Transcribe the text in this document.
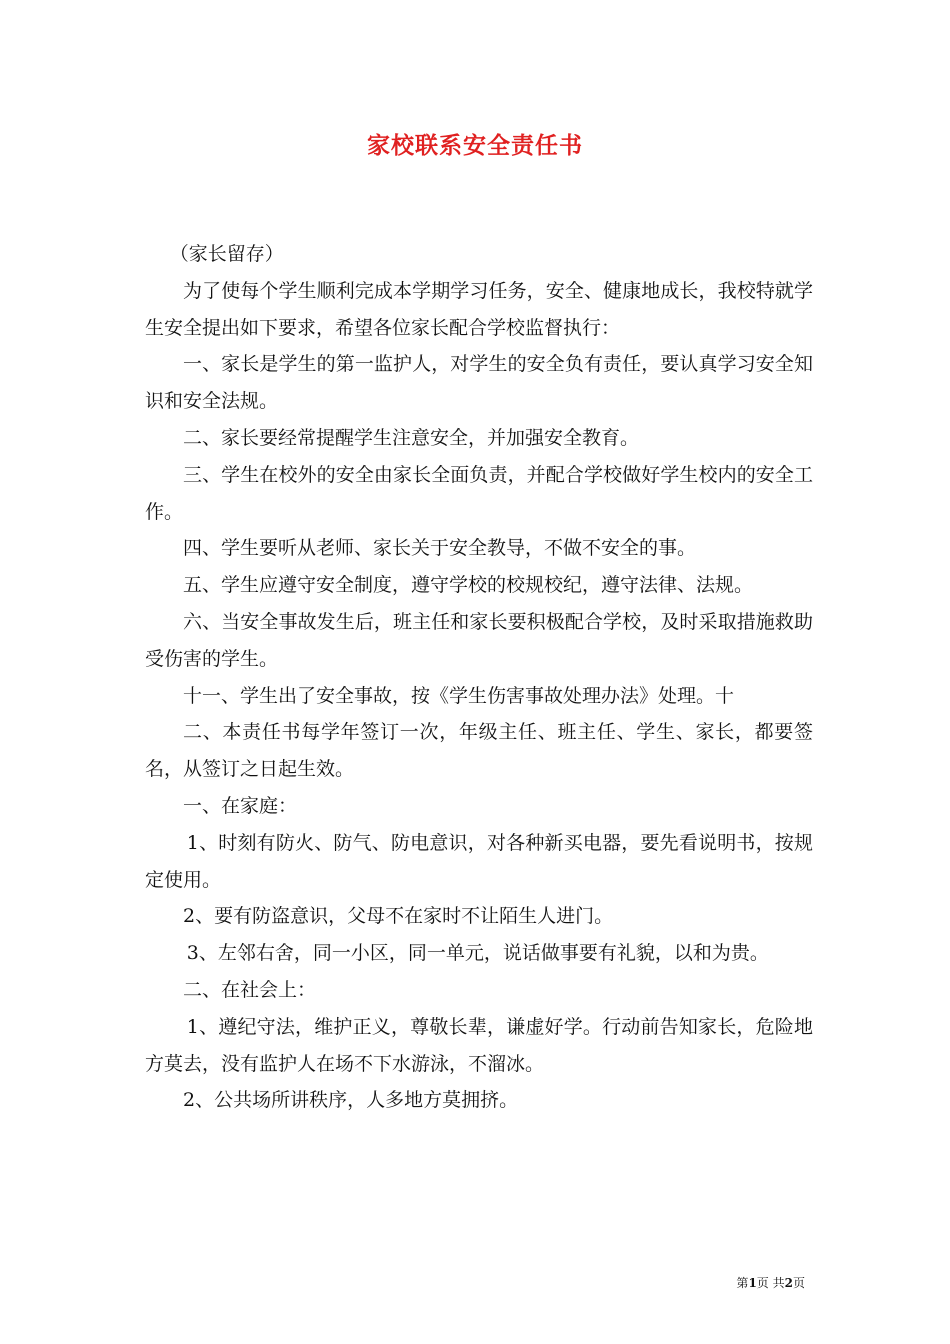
家校联系安全责任书

（家长留存）

为了使每个学生顺利完成本学期学习任务，安全、健康地成长，我校特就学生安全提出如下要求，希望各位家长配合学校监督执行：

一、家长是学生的第一监护人，对学生的安全负有责任，要认真学习安全知识和安全法规。

二、家长要经常提醒学生注意安全，并加强安全教育。

三、学生在校外的安全由家长全面负责，并配合学校做好学生校内的安全工作。

四、学生要听从老师、家长关于安全教导，不做不安全的事。

五、学生应遵守安全制度，遵守学校的校规校纪，遵守法律、法规。

六、当安全事故发生后，班主任和家长要积极配合学校，及时采取措施救助受伤害的学生。

十一、学生出了安全事故，按《学生伤害事故处理办法》处理。十

二、本责任书每学年签订一次，年级主任、班主任、学生、家长，都要签名，从签订之日起生效。

一、在家庭：

1、时刻有防火、防气、防电意识，对各种新买电器，要先看说明书，按规定使用。

2、要有防盗意识，父母不在家时不让陌生人进门。

3、左邻右舍，同一小区，同一单元，说话做事要有礼貌，以和为贵。

二、在社会上：

1、遵纪守法，维护正义，尊敬长辈，谦虚好学。行动前告知家长，危险地方莫去，没有监护人在场不下水游泳，不溜冰。

2、公共场所讲秩序，人多地方莫拥挤。

第1页 共2页
